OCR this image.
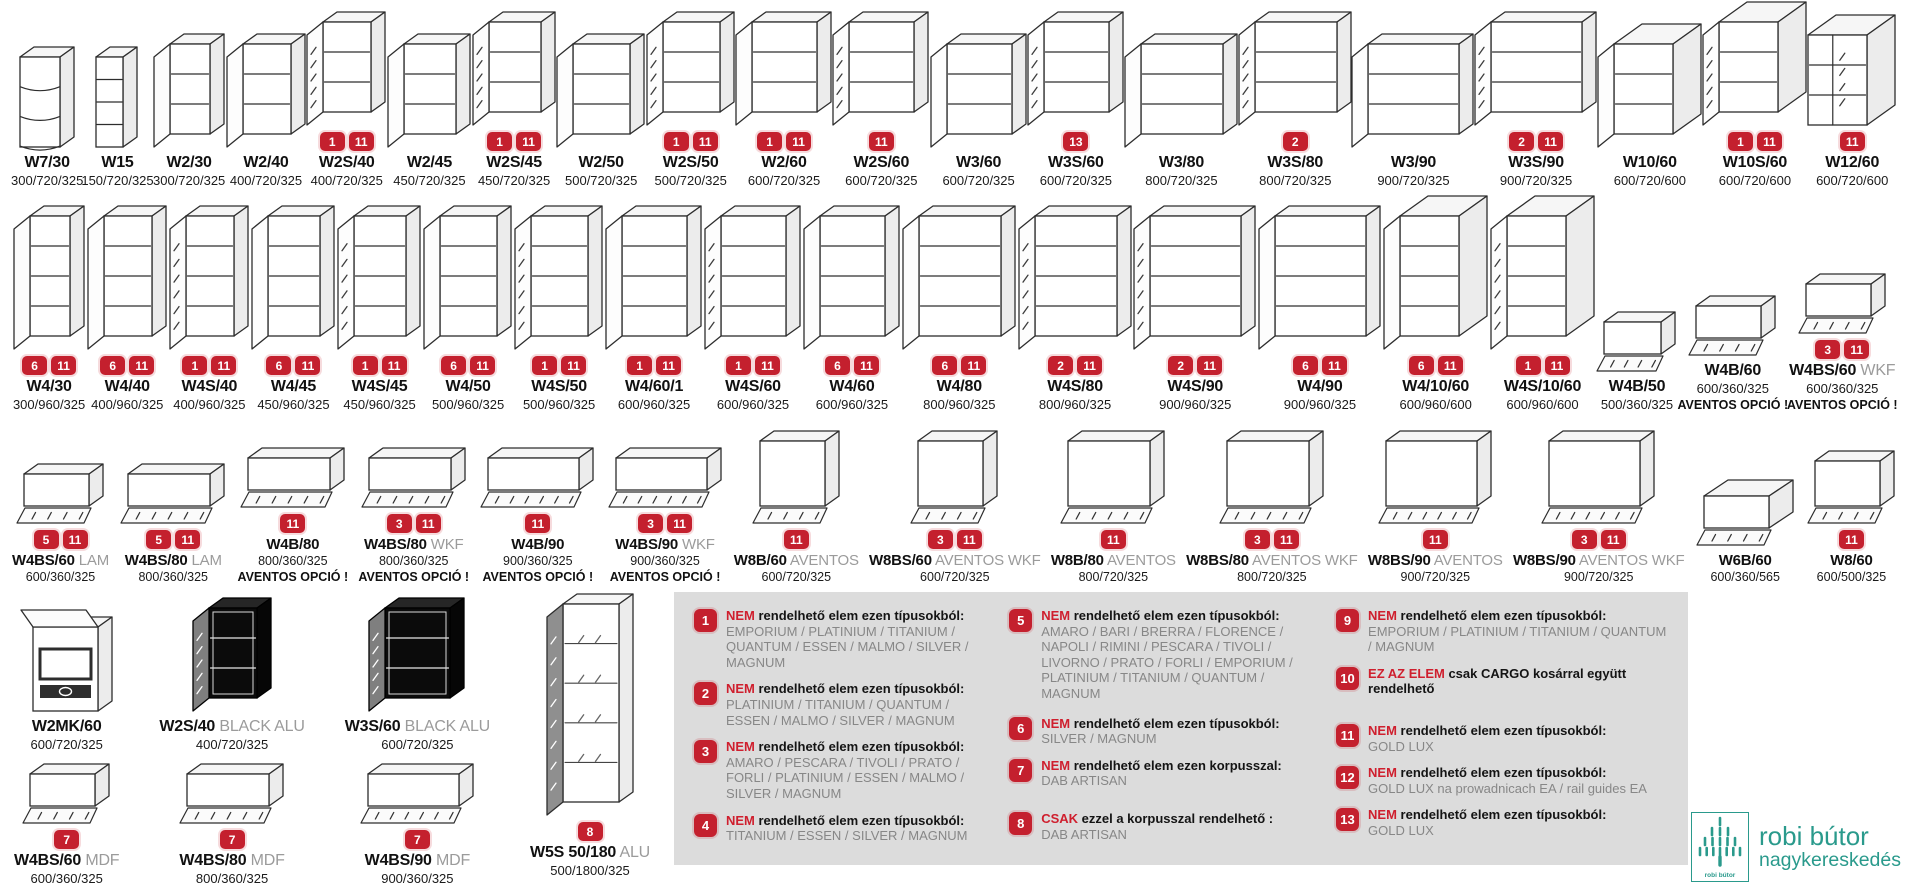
W7/30
300/720/325
W15
150/720/325
W2/30
300/720/325
W2/40
400/720/325
1	11
W2S/40
400/720/325
W2/45
450/720/325
1	11
W2S/45
450/720/325
W2/50
500/720/325
1	11
W2S/50
500/720/325
1	11
W2/60
600/720/325
11
W2S/60
600/720/325
W3/60
600/720/325
13
W3S/60
600/720/325
W3/80
800/720/325
2
W3S/80
800/720/325
W3/90
900/720/325
2	11
W3S/90
900/720/325
W10/60
600/720/600
1	11
W10S/60
600/720/600
11
W12/60
600/720/600
6	11
W4/30
300/960/325
6	11
W4/40
400/960/325
1	11
W4S/40
400/960/325
6	11
W4/45
450/960/325
1	11
W4S/45
450/960/325
6	11
W4/50
500/960/325
1	11
W4S/50
500/960/325
1	11
W4/60/1
600/960/325
1	11
W4S/60
600/960/325
6	11
W4/60
600/960/325
6	11
W4/80
800/960/325
2	11
W4S/80
800/960/325
2	11
W4S/90
900/960/325
6	11
W4/90
900/960/325
6	11
W4/10/60
600/960/600
1	11
W4S/10/60
600/960/600
W4B/50
500/360/325
W4B/60
600/360/325
AVENTOS OPCIÓ !
3	11
W4BS/60 WKF
600/360/325
AVENTOS OPCIÓ !
5	11
W4BS/60 LAM
600/360/325
5	11
W4BS/80 LAM
800/360/325
11
W4B/80
800/360/325
AVENTOS OPCIÓ !
3	11
W4BS/80 WKF
800/360/325
AVENTOS OPCIÓ !
11
W4B/90
900/360/325
AVENTOS OPCIÓ !
3	11
W4BS/90 WKF
900/360/325
AVENTOS OPCIÓ !
11
W8B/60 AVENTOS
600/720/325
3	11
W8BS/60 AVENTOS WKF
600/720/325
11
W8B/80 AVENTOS
800/720/325
3	11
W8BS/80 AVENTOS WKF
800/720/325
11
W8BS/90 AVENTOS
900/720/325
3	11
W8BS/90 AVENTOS WKF
900/720/325
W6B/60
600/360/565
11
W8/60
600/500/325
W2MK/60
600/720/325
7
W4BS/60 MDF
600/360/325
W2S/40 BLACK ALU
400/720/325
7
W4BS/80 MDF
800/360/325
W3S/60 BLACK ALU
600/720/325
7
W4BS/90 MDF
900/360/325
8
W5S 50/180 ALU
500/1800/325
1	NEM rendelhető elem ezen típusokból:
EMPORIUM / PLATINIUM / TITANIUM / QUANTUM / ESSEN / MALMO / SILVER / MAGNUM
2	NEM rendelhető elem ezen típusokból:
PLATINIUM / TITANIUM / QUANTUM / ESSEN / MALMO / SILVER / MAGNUM
3	NEM rendelhető elem ezen típusokból:
AMARO / PESCARA / TIVOLI / PRATO / FORLI / PLATINIUM / ESSEN / MALMO / SILVER / MAGNUM
4	NEM rendelhető elem ezen típusokból:
TITANIUM / ESSEN / SILVER / MAGNUM
5	NEM rendelhető elem ezen típusokból:
AMARO / BARI / BRERRA / FLORENCE / NAPOLI / RIMINI / PESCARA / TIVOLI / LIVORNO / PRATO / FORLI / EMPORIUM / PLATINIUM / TITANIUM / QUANTUM / MAGNUM
6	NEM rendelhető elem ezen típusokból:
SILVER / MAGNUM
7	NEM rendelhető elem ezen korpusszal:
DAB ARTISAN
8	CSAK ezzel a korpusszal rendelhető :
DAB ARTISAN
9	NEM rendelhető elem ezen típusokból:
EMPORIUM / PLATINIUM / TITANIUM / QUANTUM / MAGNUM
10	EZ AZ ELEM csak CARGO kosárral együtt rendelhető
11	NEM rendelhető elem ezen típusokból:
GOLD LUX
12	NEM rendelhető elem ezen típusokból:
GOLD LUX na prowadnicach EA / rail guides EA
13	NEM rendelhető elem ezen típusokból:
GOLD LUX
robi bútor
robi bútor
nagykereskedés
